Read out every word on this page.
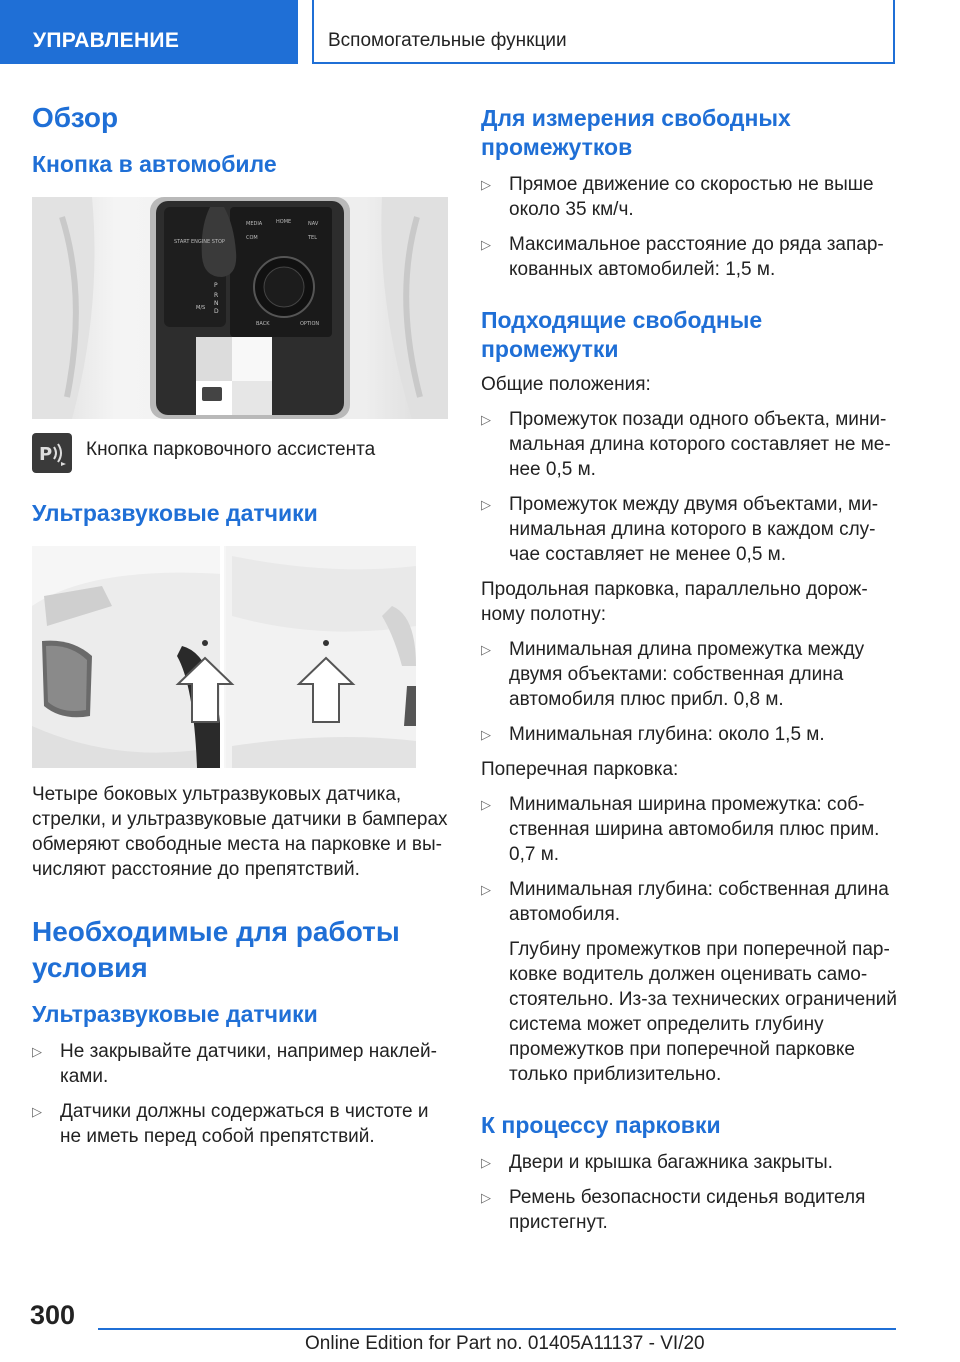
УПРАВЛЕНИЕ	Вспомогательные функции
Обзор
Кнопка в автомобиле
START ENGINE STOP
MEDIA	HOME	NAV
COM	TEL
BACK	OPTION
P
R
N
D
M/S
P Кнопка парковочного ассистента
Ультразвуковые датчики

Четыре боковых ультразвуковых датчика, стрелки, и ультразвуковые датчики в бамперах обмеряют свободные места на парковке и вычисляют расстояние до препятствий.

Необходимые для работы условия
Ультразвуковые датчики
▷ Не закрывайте датчики, например наклейками.
▷ Датчики должны содержаться в чистоте и не иметь перед собой препятствий.
Для измерения свободных промежутков
▷ Прямое движение со скоростью не выше около 35 км/ч.
▷ Максимальное расстояние до ряда запаркованных автомобилей: 1,5 м.
Подходящие свободные промежутки

Общие положения:

▷ Промежуток позади одного объекта, минимальная длина которого составляет не менее 0,5 м.
▷ Промежуток между двумя объектами, минимальная длина которого в каждом случае составляет не менее 0,5 м.

Продольная парковка, параллельно дорожному полотну:

▷ Минимальная длина промежутка между двумя объектами: собственная длина автомобиля плюс прибл. 0,8 м.
▷ Минимальная глубина: около 1,5 м.

Поперечная парковка:

▷ Минимальная ширина промежутка: собственная ширина автомобиля плюс прим. 0,7 м.
▷ Минимальная глубина: собственная длина автомобиля.

Глубину промежутков при поперечной парковке водитель должен оценивать самостоятельно. Из-за технических ограничений система может определить глубину промежутков при поперечной парковке только приблизительно.

К процессу парковки
▷ Двери и крышка багажника закрыты.
▷ Ремень безопасности сиденья водителя пристегнут.
300
Online Edition for Part no. 01405A11137 - VI/20
